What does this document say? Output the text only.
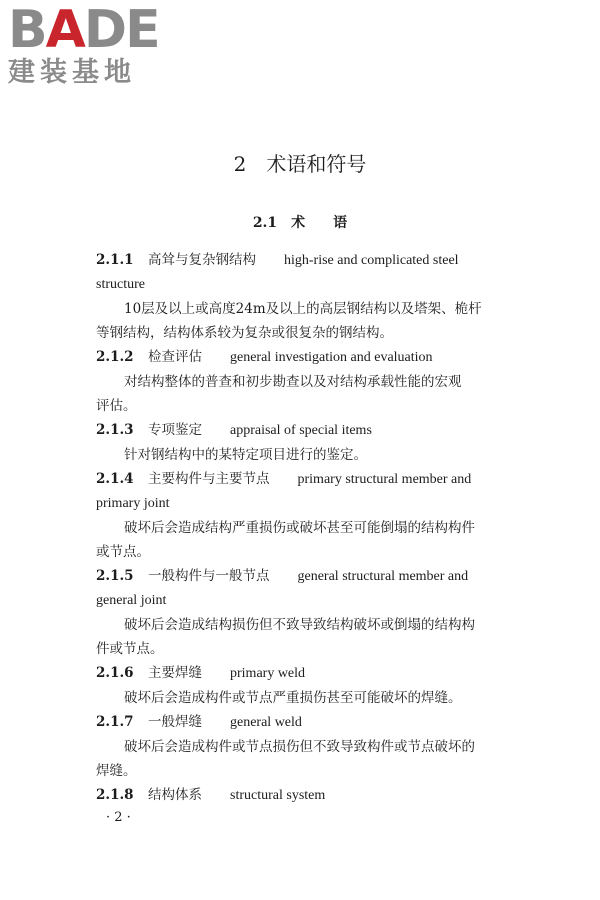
BADE
建装基地
2　术语和符号
2.1　术　　语

2.1.1 高耸与复杂钢结构 high-rise and complicated steel

structure

10层及以上或高度24m及以上的高层钢结构以及塔架、桅杆

等钢结构，结构体系较为复杂或很复杂的钢结构。

2.1.2 检查评估 general investigation and evaluation

对结构整体的普查和初步勘查以及对结构承载性能的宏观

评估。

2.1.3 专项鉴定 appraisal of special items

针对钢结构中的某特定项目进行的鉴定。

2.1.4 主要构件与主要节点 primary structural member and

primary joint

破坏后会造成结构严重损伤或破坏甚至可能倒塌的结构构件

或节点。

2.1.5 一般构件与一般节点 general structural member and

general joint

破坏后会造成结构损伤但不致导致结构破坏或倒塌的结构构

件或节点。

2.1.6 主要焊缝 primary weld

破坏后会造成构件或节点严重损伤甚至可能破坏的焊缝。

2.1.7 一般焊缝 general weld

破坏后会造成构件或节点损伤但不致导致构件或节点破坏的

焊缝。

2.1.8 结构体系 structural system

· 2 ·
